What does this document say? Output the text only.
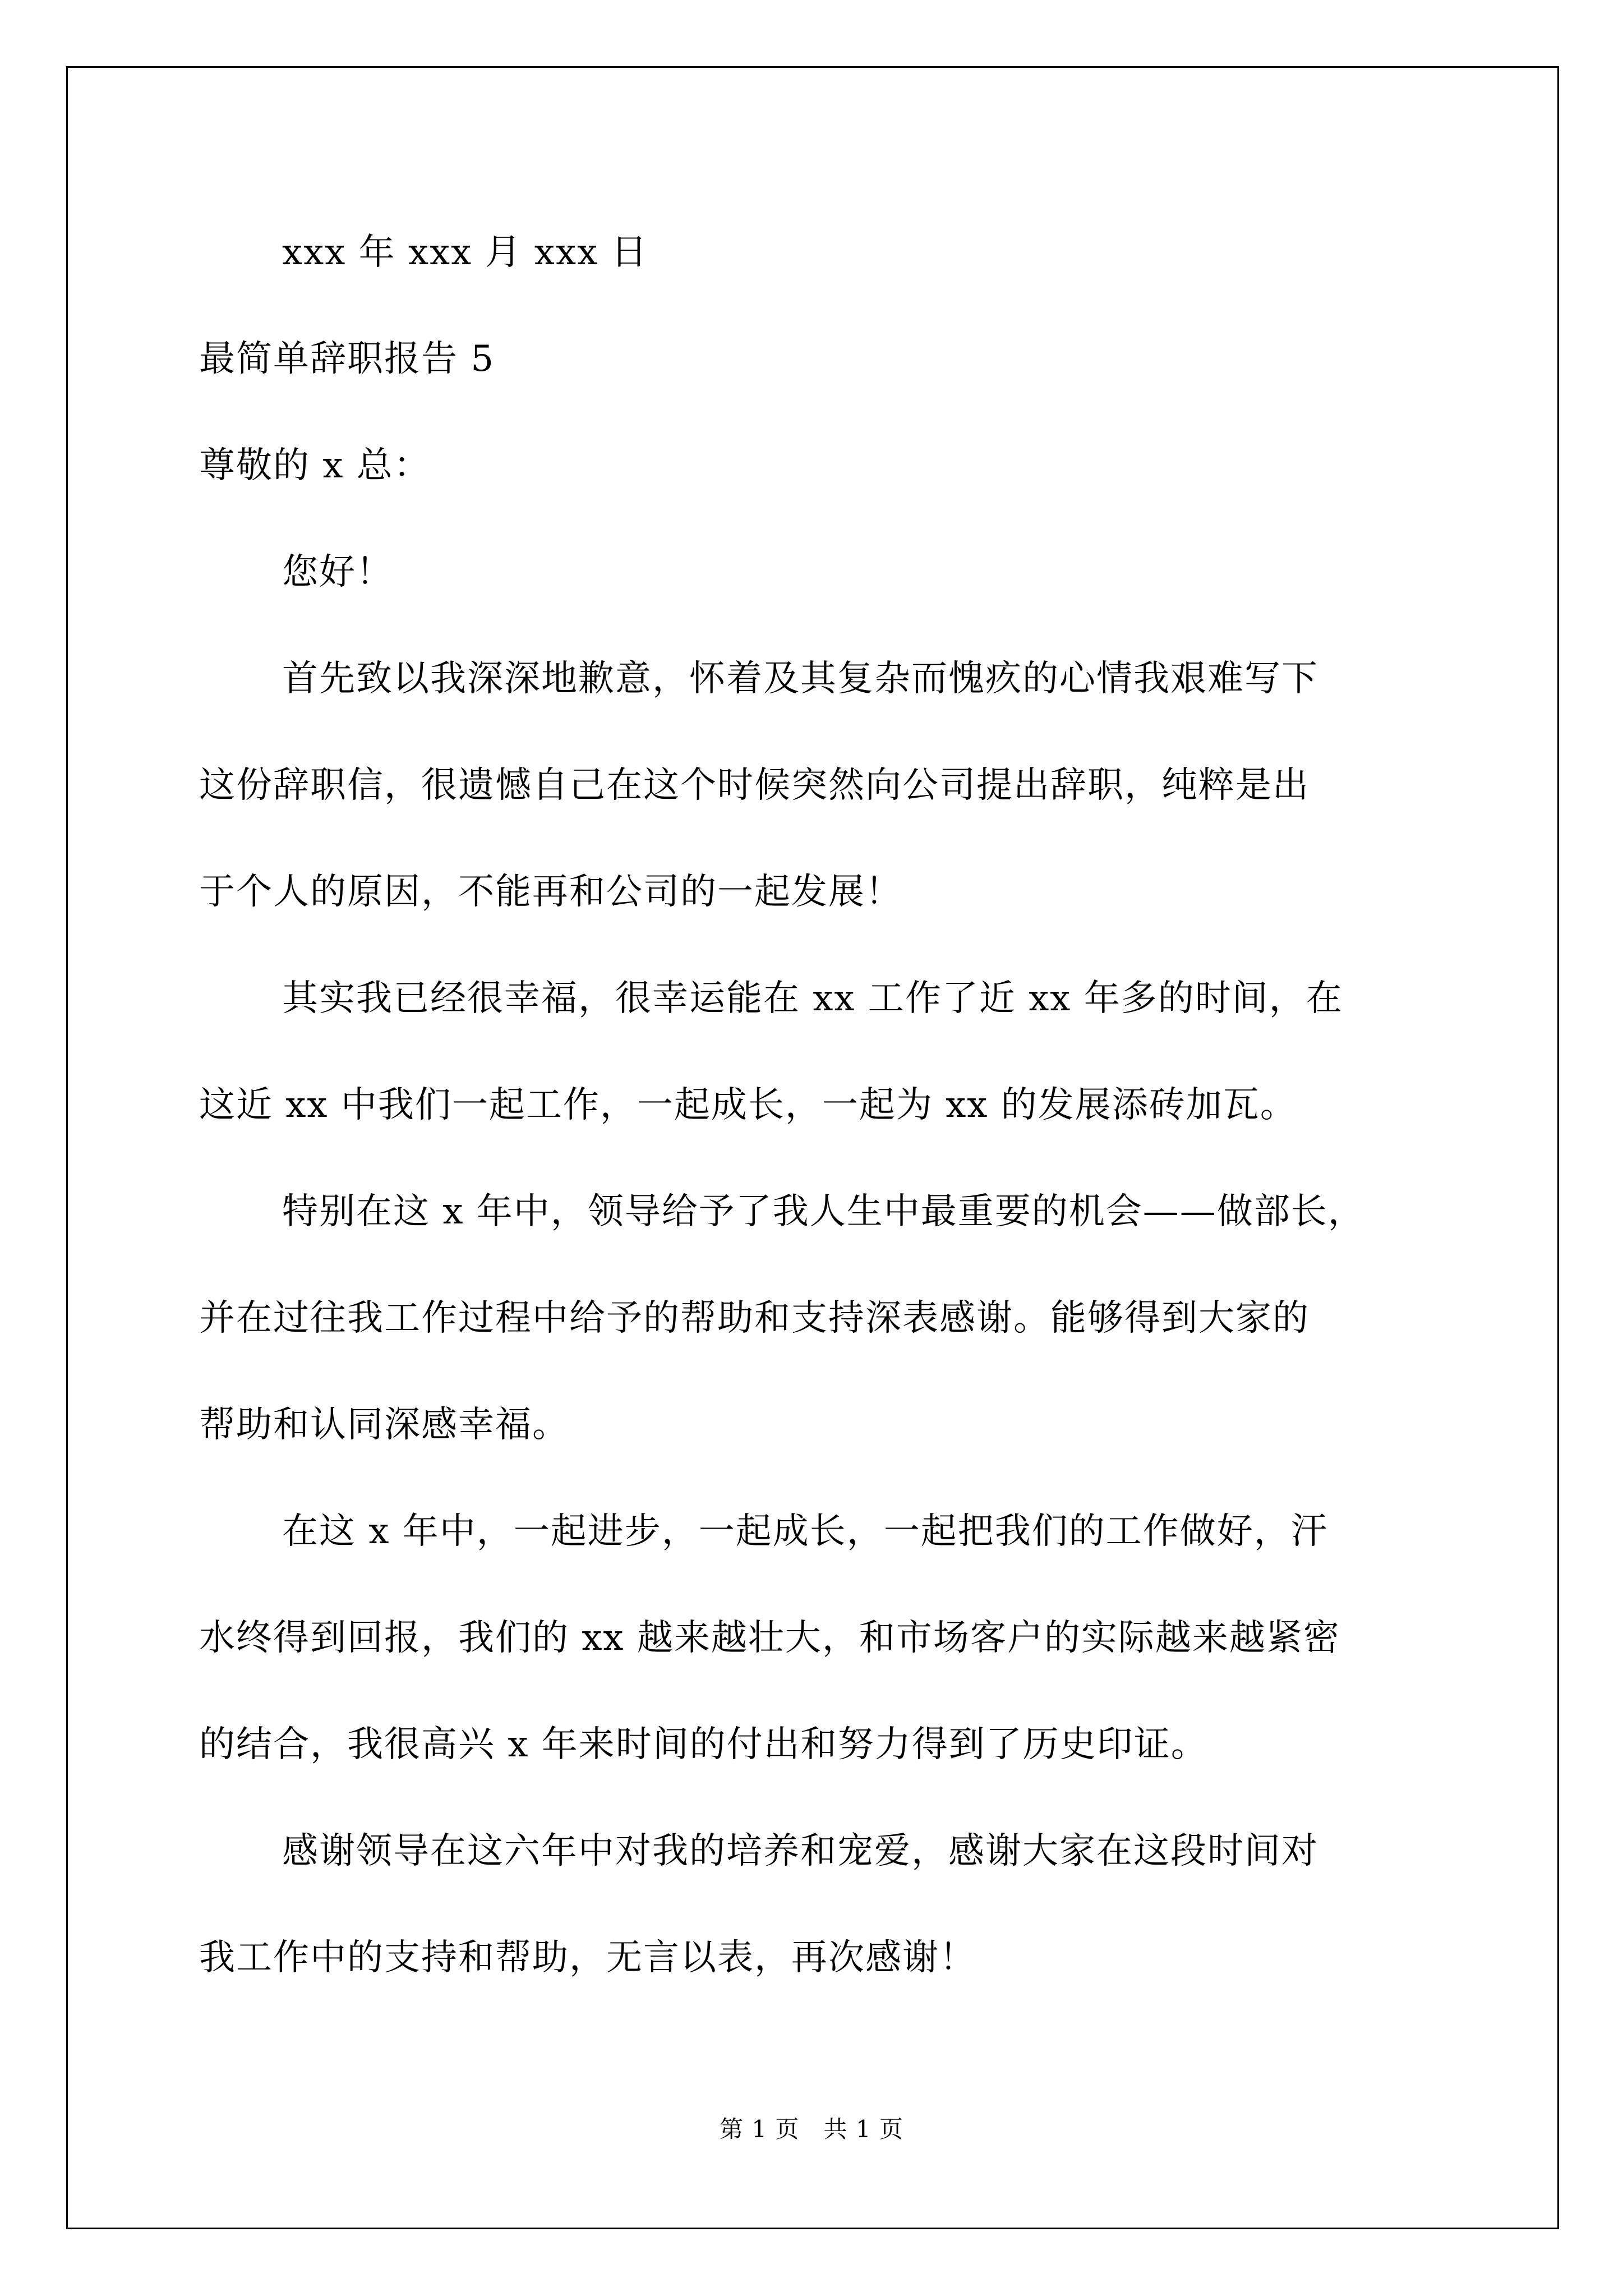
xxx 年 xxx 月 xxx 日
最简单辞职报告 5
尊敬的 x 总：
您好！
首先致以我深深地歉意，怀着及其复杂而愧疚的心情我艰难写下
这份辞职信，很遗憾自己在这个时候突然向公司提出辞职，纯粹是出
于个人的原因，不能再和公司的一起发展！
其实我已经很幸福，很幸运能在 xx 工作了近 xx 年多的时间，在
这近 xx 中我们一起工作，一起成长，一起为 xx 的发展添砖加瓦。
特别在这 x 年中，领导给予了我人生中最重要的机会——做部长，
并在过往我工作过程中给予的帮助和支持深表感谢。能够得到大家的
帮助和认同深感幸福。
在这 x 年中，一起进步，一起成长，一起把我们的工作做好，汗
水终得到回报，我们的 xx 越来越壮大，和市场客户的实际越来越紧密
的结合，我很高兴 x 年来时间的付出和努力得到了历史印证。
感谢领导在这六年中对我的培养和宠爱，感谢大家在这段时间对
我工作中的支持和帮助，无言以表，再次感谢！
第 1 页　共 1 页
